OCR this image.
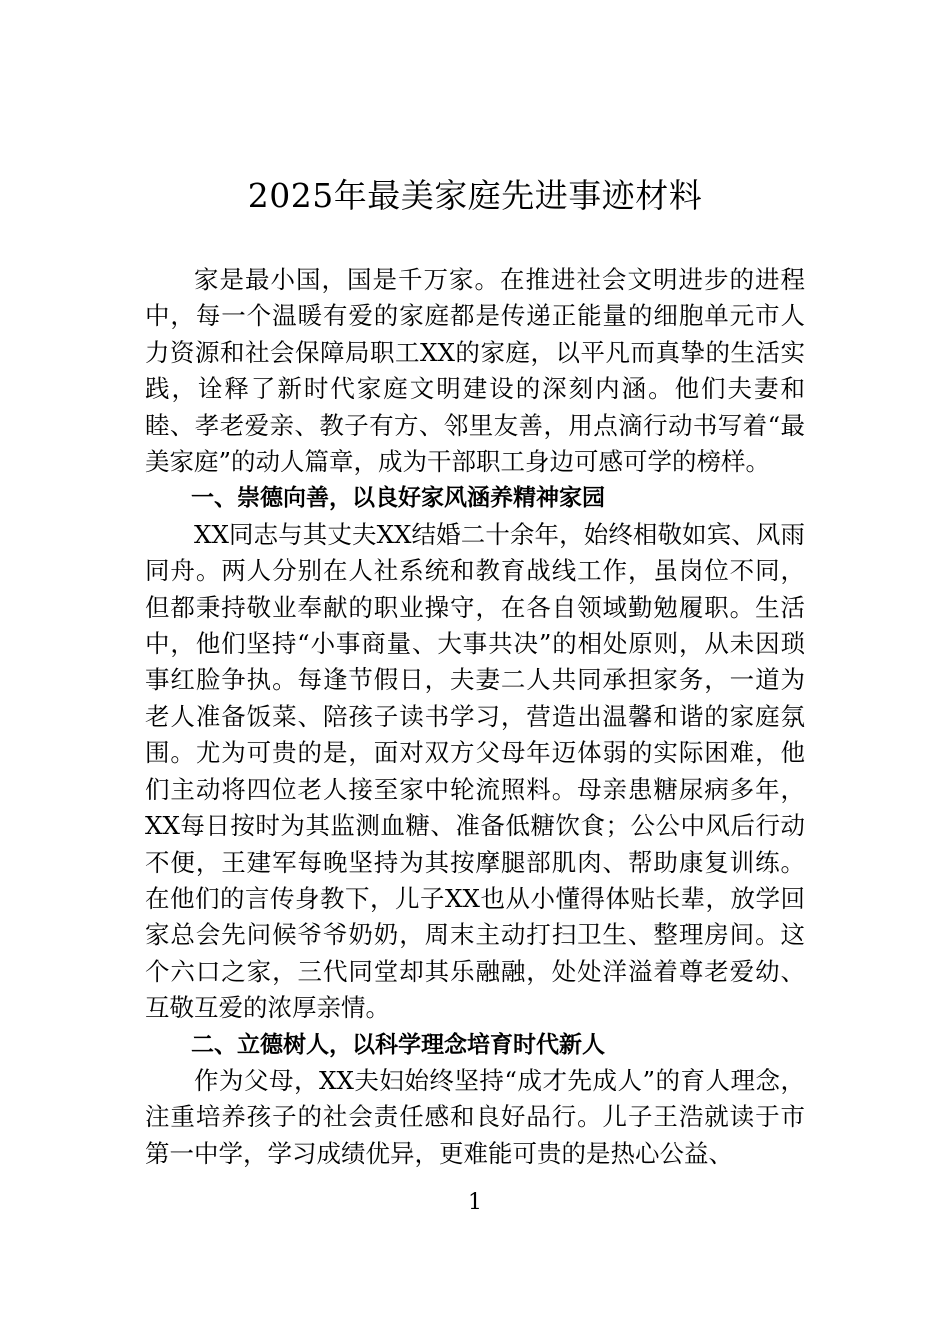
2025年最美家庭先进事迹材料

家是最小国，国是千万家。在推进社会文明进步的进程中，每一个温暖有爱的家庭都是传递正能量的细胞单元市人力资源和社会保障局职工XX的家庭，以平凡而真挚的生活实践，诠释了新时代家庭文明建设的深刻内涵。他们夫妻和睦、孝老爱亲、教子有方、邻里友善，用点滴行动书写着“最美家庭”的动人篇章，成为干部职工身边可感可学的榜样。

一、崇德向善，以良好家风涵养精神家园

XX同志与其丈夫XX结婚二十余年，始终相敬如宾、风雨同舟。两人分别在人社系统和教育战线工作，虽岗位不同，但都秉持敬业奉献的职业操守，在各自领域勤勉履职。生活中，他们坚持“小事商量、大事共决”的相处原则，从未因琐事红脸争执。每逢节假日，夫妻二人共同承担家务，一道为老人准备饭菜、陪孩子读书学习，营造出温馨和谐的家庭氛围。尤为可贵的是，面对双方父母年迈体弱的实际困难，他们主动将四位老人接至家中轮流照料。母亲患糖尿病多年，XX每日按时为其监测血糖、准备低糖饮食；公公中风后行动不便，王建军每晚坚持为其按摩腿部肌肉、帮助康复训练。在他们的言传身教下，儿子XX也从小懂得体贴长辈，放学回家总会先问候爷爷奶奶，周末主动打扫卫生、整理房间。这个六口之家，三代同堂却其乐融融，处处洋溢着尊老爱幼、互敬互爱的浓厚亲情。

二、立德树人，以科学理念培育时代新人

作为父母，XX夫妇始终坚持“成才先成人”的育人理念，注重培养孩子的社会责任感和良好品行。儿子王浩就读于市第一中学，学习成绩优异，更难能可贵的是热心公益、

1
